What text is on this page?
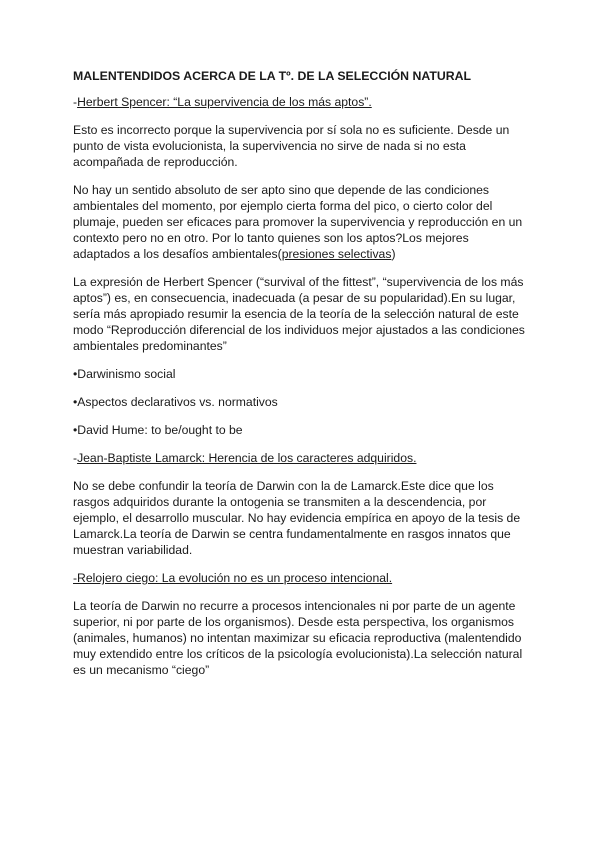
MALENTENDIDOS ACERCA DE LA Tº. DE LA SELECCIÓN NATURAL
-Herbert Spencer: “La supervivencia de los más aptos”.
Esto es incorrecto porque la supervivencia por sí sola no es suficiente. Desde un punto de vista evolucionista, la supervivencia no sirve de nada si no esta acompañada de reproducción.
No hay un sentido absoluto de ser apto sino que depende de las condiciones ambientales del momento, por ejemplo cierta forma del pico, o cierto color del plumaje, pueden ser eficaces para promover la supervivencia y reproducción en un contexto pero no en otro. Por lo tanto quienes son los aptos?Los mejores adaptados a los desafíos ambientales(presiones selectivas)
La expresión de Herbert Spencer (“survival of the fittest”, “supervivencia de los más aptos”) es, en consecuencia, inadecuada (a pesar de su popularidad).En su lugar, sería más apropiado resumir la esencia de la teoría de la selección natural de este modo “Reproducción diferencial de los individuos mejor ajustados a las condiciones ambientales predominantes”
•Darwinismo social
•Aspectos declarativos vs. normativos
•David Hume: to be/ought to be
-Jean-Baptiste Lamarck: Herencia de los caracteres adquiridos.
No se debe confundir la teoría de Darwin con la de Lamarck.Este dice que los rasgos adquiridos durante la ontogenia se transmiten a la descendencia, por ejemplo, el desarrollo muscular. No hay evidencia empírica en apoyo de la tesis de Lamarck.La teoría de Darwin se centra fundamentalmente en rasgos innatos que muestran variabilidad.
-Relojero ciego: La evolución no es un proceso intencional.
La teoría de Darwin no recurre a procesos intencionales ni por parte de un agente superior, ni por parte de los organismos). Desde esta perspectiva, los organismos (animales, humanos) no intentan maximizar su eficacia reproductiva (malentendido muy extendido entre los críticos de la psicología evolucionista).La selección natural es un mecanismo “ciego”
